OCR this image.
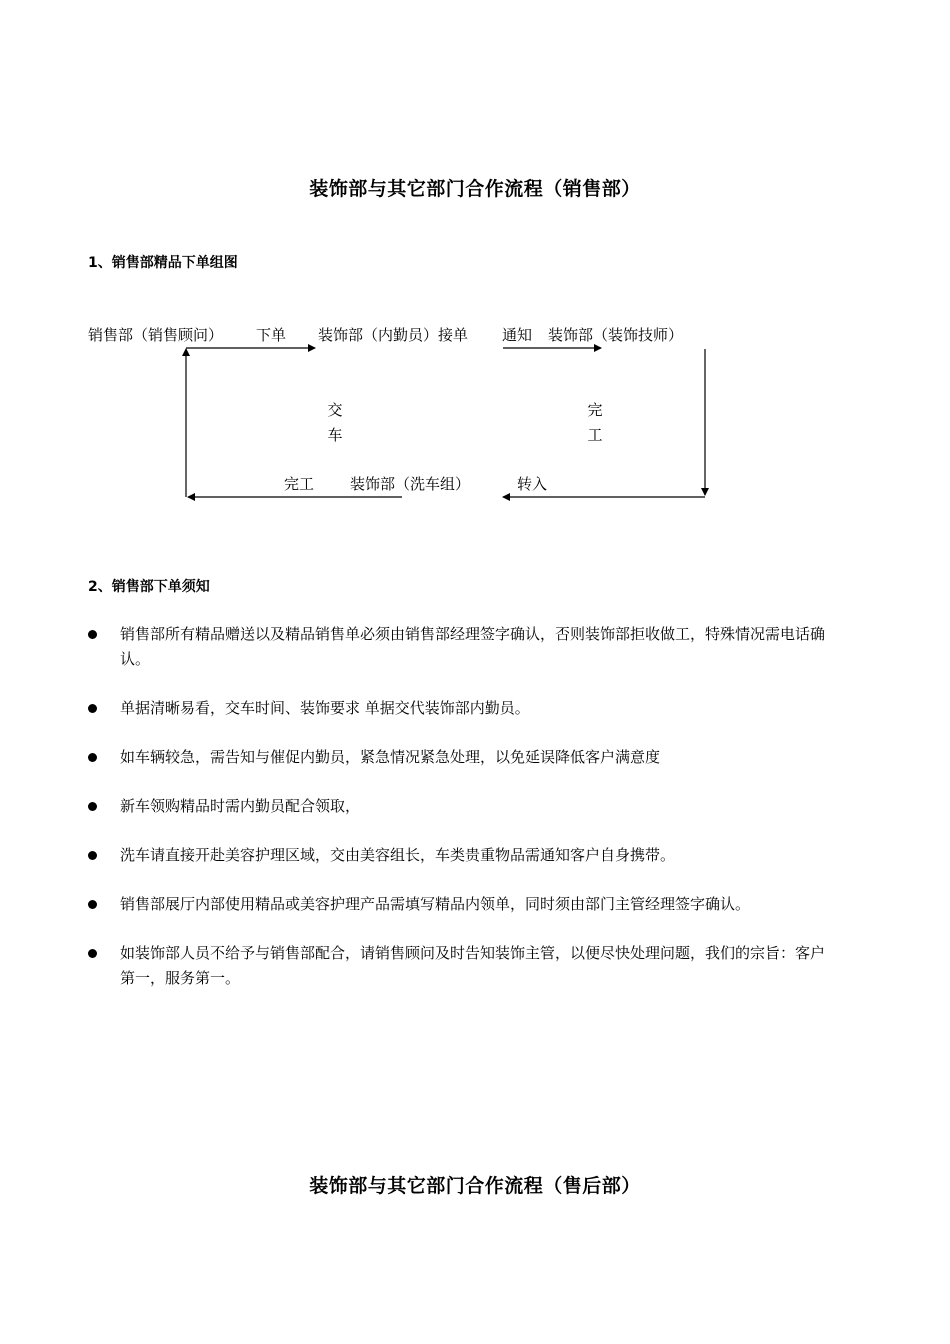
装饰部与其它部门合作流程（销售部）
1、销售部精品下单组图
销售部（销售顾问） 下单 装饰部（内勤员）接单 通知 装饰部（装饰技师）
交
车
完
工
完工 装饰部（洗车组）	转入
2、销售部下单须知
销售部所有精品赠送以及精品销售单必须由销售部经理签字确认，否则装饰部拒收做工，特殊情况需电话确认。
单据清晰易看，交车时间、装饰要求 单据交代装饰部内勤员。
如车辆较急，需告知与催促内勤员，紧急情况紧急处理，以免延误降低客户满意度
新车领购精品时需内勤员配合领取，
洗车请直接开赴美容护理区域，交由美容组长，车类贵重物品需通知客户自身携带。
销售部展厅内部使用精品或美容护理产品需填写精品内领单，同时须由部门主管经理签字确认。
如装饰部人员不给予与销售部配合，请销售顾问及时告知装饰主管，以便尽快处理问题，我们的宗旨：客户第一，服务第一。
装饰部与其它部门合作流程（售后部）
